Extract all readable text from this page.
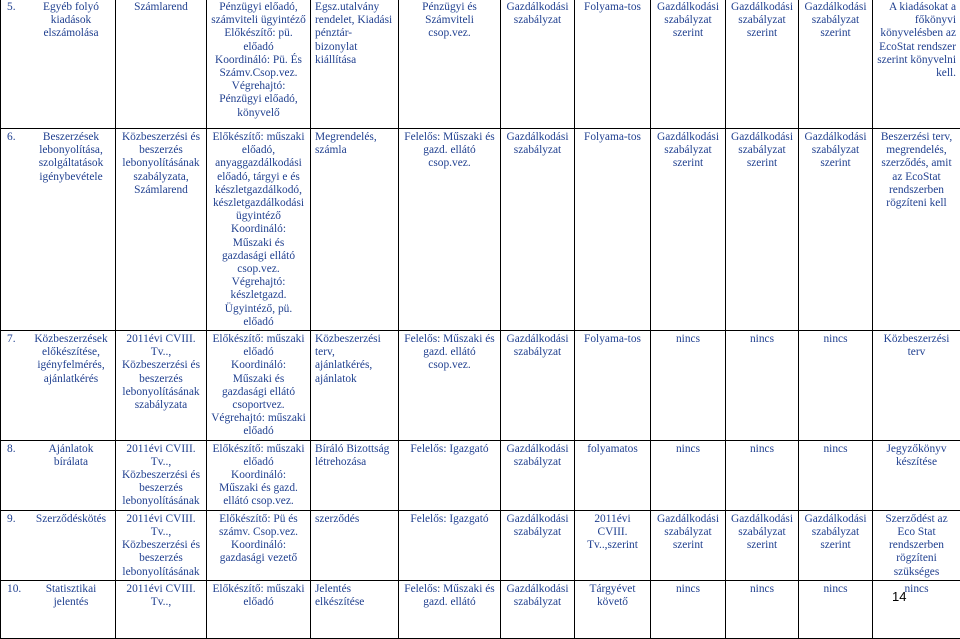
5. Egyéb folyó kiadások elszámolása	Számlarend	Pénzügyi előadó, számviteli ügyintéző
Előkészítő: pü. előadó
Koordináló: Pü. És Számv.Csop.vez.
Végrehajtó: Pénzügyi előadó, könyvelő	Egsz.utalvány rendelet, Kiadási pénztár-bizonylat kiállítása	Pénzügyi és Számviteli csop.vez.	Gazdálkodási szabályzat	Folyama-tos	Gazdálkodási szabályzat szerint	Gazdálkodási szabályzat szerint	Gazdálkodási szabályzat szerint	A kiadásokat a főkönyvi könyvelésben az EcoStat rendszer szerint könyvelni kell.

6. Beszerzések lebonyolítása, szolgáltatások igénybevétele	Közbeszerzési és beszerzés lebonyolításának szabályzata, Számlarend	Előkészítő: műszaki előadó, anyaggazdálkodási előadó, tárgyi e és készletgazdálkodó, készletgazdálkodási ügyintéző
Koordináló: Műszaki és gazdasági ellátó csop.vez.
Végrehajtó: készletgazd. Ügyintéző, pü. előadó	Megrendelés, számla	Felelős: Műszaki és gazd. ellátó csop.vez.	Gazdálkodási szabályzat	Folyama-tos	Gazdálkodási szabályzat szerint	Gazdálkodási szabályzat szerint	Gazdálkodási szabályzat szerint	Beszerzési terv, megrendelés, szerződés, amit az EcoStat rendszerben rögzíteni kell

7. Közbeszerzések előkészítése, igényfelmérés, ajánlatkérés	2011évi CVIII. Tv.., Közbeszerzési és beszerzés lebonyolításának szabályzata	Előkészítő: műszaki előadó
Koordináló: Műszaki és gazdasági ellátó csoportvez.
Végrehajtó: műszaki előadó	Közbeszerzési terv, ajánlatkérés, ajánlatok	Felelős: Műszaki és gazd. ellátó csop.vez.	Gazdálkodási szabályzat	Folyama-tos	nincs	nincs	nincs	Közbeszerzési terv

8. Ajánlatok bírálata	2011évi CVIII. Tv.., Közbeszerzési és beszerzés lebonyolításának	Előkészítő: műszaki előadó
Koordináló: Műszaki és gazd. ellátó csop.vez.	Bíráló Bizottság létrehozása	Felelős: Igazgató	Gazdálkodási szabályzat	folyamatos	nincs	nincs	nincs	Jegyzőkönyv készítése

9. Szerződéskötés	2011évi CVIII. Tv.., Közbeszerzési és beszerzés lebonyolításának	Előkészítő: Pü és számv. Csop.vez.
Koordináló: gazdasági vezető	szerződés	Felelős: Igazgató	Gazdálkodási szabályzat	2011évi CVIII. Tv..,szerint	Gazdálkodási szabályzat szerint	Gazdálkodási szabályzat szerint	Gazdálkodási szabályzat szerint	Szerződést az Eco Stat rendszerben rögzíteni szükséges

10. Statisztikai jelentés	2011évi CVIII. Tv..,	Előkészítő: műszaki előadó	Jelentés elkészítése	Felelős: Műszaki és gazd. ellátó	Gazdálkodási szabályzat	Tárgyévet követő	nincs	nincs	nincs	nincs
14
